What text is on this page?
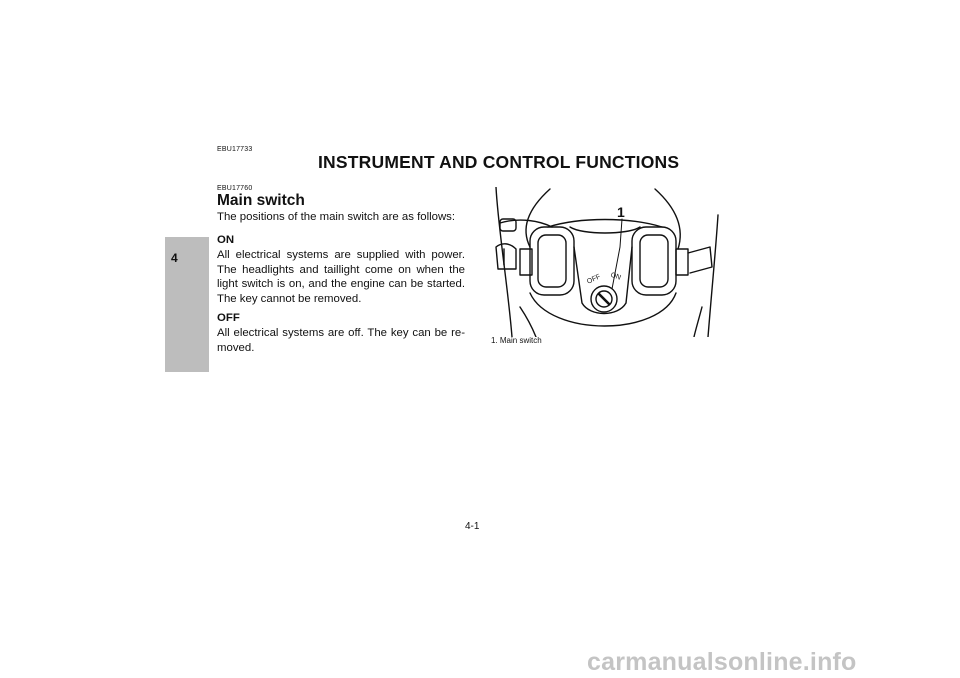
EBU17733
INSTRUMENT AND CONTROL FUNCTIONS
4
EBU17760
Main switch
The positions of the main switch are as follows:
ON
All electrical systems are supplied with power. The headlights and taillight come on when the light switch is on, and the engine can be started. The key cannot be removed.
OFF
All electrical systems are off. The key can be re-moved.
1
OFF ON
1. Main switch
4-1
carmanualsonline.info
